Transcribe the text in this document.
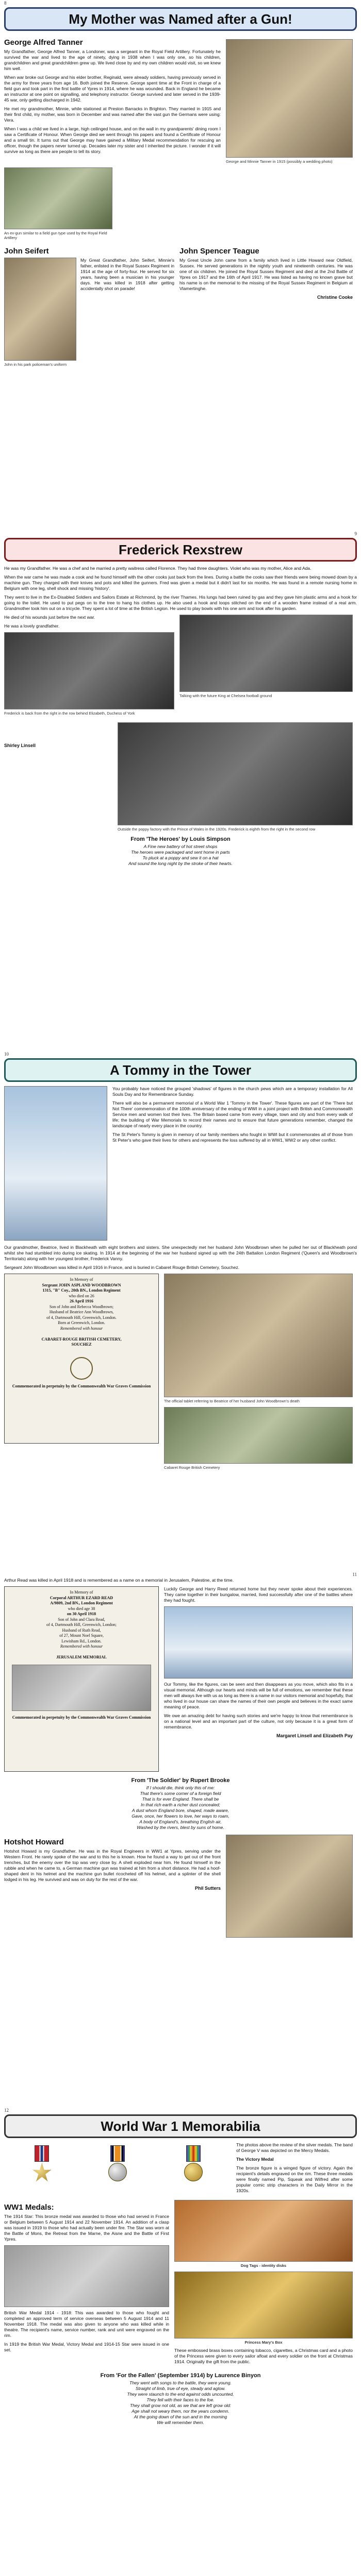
8
My Mother was Named after a Gun!
George Alfred Tanner

My Grandfather, George Alfred Tanner, a Londoner, was a sergeant in the Royal Field Artillery. Fortunately he survived the war and lived to the age of ninety, dying in 1938 when I was only one, so his children, grandchildren and great grandchildren grew up. We lived close by and my own children would visit, so we knew him well.

When war broke out George and his elder brother, Reginald, were already soldiers, having previously served in the army for three years from age 16. Both joined the Reserve. George spent time at the Front in charge of a field gun and took part in the first battle of Ypres in 1914, where he was wounded. Back in England he became an instructor at one point on signalling, and telephony instructor. George survived and later served in the 1939-45 war, only getting discharged in 1942.

He met my grandmother, Minnie, while stationed at Preston Barracks in Brighton. They married in 1915 and their first child, my mother, was born in December and was named after the vast gun the Germans were using: Vera.

When I was a child we lived in a large, high ceilinged house, and on the wall in my grandparents' dining room I saw a Certificate of Honour. When George died we went through his papers and found a Certificate of Honour and a small tin. It turns out that George may have gained a Military Medal recommendation for rescuing an officer, though the papers never turned up. Decades later my sister and I inherited the picture. I wonder if it will survive as long as there are people to tell its story.

George and Minnie Tanner in 1915 (possibly a wedding photo)
An ex-gun similar to a field gun type used by the Royal Field Artillery
John Seifert

My Great Grandfather, John Seifert, Minnie's father, enlisted in the Royal Sussex Regiment in 1914 at the age of forty-four. He served for six years, having been a musician in his younger days. He was killed in 1918 after getting accidentally shot on parade!

John in his park policeman's uniform
John Spencer Teague

My Great Uncle John came from a family which lived in Little Howard near Oldfield, Sussex. He served generations in the nightly youth and nineteenth centuries. He was one of six children. He joined the Royal Sussex Regiment and died at the 2nd Battle of Ypres on 1917 and the 16th of April 1917. He was listed as having no known grave but his name is on the memorial to the missing of the Royal Sussex Regiment in Belgium at Vlamertinghe.

Christine Cooke
9
Frederick Rexstrew

He was my Grandfather. He was a chef and he married a pretty waitress called Florence. They had three daughters. Violet who was my mother, Alice and Ada.

When the war came he was made a cook and he found himself with the other cooks just back from the lines. During a battle the cooks saw their friends were being mowed down by a machine gun. They charged with their knives and pots and killed the gunners. Fred was given a medal but it didn't last for six months. He was found in a remote nursing home in Belgium with one leg, shell shock and missing 'history'.

They went to live in the Ex-Disabled Soldiers and Sailors Estate at Richmond, by the river Thames. His lungs had been ruined by gas and they gave him plastic arms and a hook for going to the toilet. He used to put pegs on to the tree to hang his clothes up. He also used a hook and loops stitched on the end of a wooden frame instead of a real arm. Grandmother took him out on a tricycle. They spent a lot of time at the British Legion. He used to play bowls with his one arm and look after his garden.

He died of his wounds just before the next war.

He was a lovely grandfather.

Frederick is back from the right in the row behind Elizabeth, Duchess of York
Talking with the future King at Chelsea football ground
Shirley Linsell
Outside the poppy factory with the Prince of Wales in the 1920s. Frederick is eighth from the right in the second row
From 'The Heroes' by Louis Simpson
A Fine new battery of hot street shops
The heroes were packaged and sent home in parts
To pluck at a poppy and sew it on a hat
And sound the long night by the stroke of their hearts.
10
A Tommy in the Tower

You probably have noticed the grouped 'shadows' of figures in the church pews which are a temporary installation for All Souls Day and for Remembrance Sunday.

There will also be a permanent memorial of a World War 1 'Tommy in the Tower'. These figures are part of the 'There but Not There' commemoration of the 100th anniversary of the ending of WWI in a joint project with British and Commonwealth Service men and women lost their lives. The Britain based came from every village, town and city and from every walk of life; the building of War Memorials to record their names and to ensure that future generations remember, changed the landscape of nearly every place in the country.

The St Peter's Tommy is given in memory of our family members who fought in WWI but it commemorates all of those from St Peter's who gave their lives for others and represents the loss suffered by all in WW1, WW2 or any other conflict.

Our grandmother, Beatrice, lived in Blackheath with eight brothers and sisters. She unexpectedly met her husband John Woodbrown when he pulled her out of Blackheath pond whilst she had stumbled into during ice skating. In 1914 at the beginning of the war her husband signed up with the 24th Battalion London Regiment ('Queen's and Woodbrown's Territorials) along with her youngest brother, Frederick Vanny.

Sergeant John Woodbrown was killed in April 1916 in France, and is buried in Cabaret Rouge British Cemetery, Souchez.

In Memory of

Sergeant JOHN ASPLAND WOODBROWN
1315, "B" Coy., 20th BN., London Regiment
who died on 26

26 April 1916
Son of John and Rebecca Woodbrown;
Husband of Beatrice Ann Woodbrown,
of 4, Dartmouth Hill, Greenwich, London.
Born at Greenwich, London.
Remembered with honour

CABARET-ROUGE BRITISH CEMETERY,
SOUCHEZ

Commemorated in perpetuity by the Commonwealth War Graves Commission
The official tablet referring to Beatrice of her husband John Woodbrown's death
Cabaret Rouge British Cemetery
11

Arthur Read was killed in April 1918 and is remembered as a name on a memorial in Jerusalem, Palestine, at the time.

In Memory of

Corporal ARTHUR EZARD READ
A/9809, 2nd BN., London Regiment
who died age 38

on 30 April 1918
Son of John and Clara Read,
of 4, Dartmouth Hill, Greenwich, London;
Husband of Ruth Read,
of 27, Mount Noel Square,
Lewisham Rd., London.
Remembered with honour

JERUSALEM MEMORIAL
Commemorated in perpetuity by the Commonwealth War Graves Commission

Luckily George and Harry Reed returned home but they never spoke about their experiences. They came together in their bungalow, married, lived successfully after one of the battles where they had fought.

Our Tommy, like the figures, can be seen and then disappears as you move, which also fits in a visual memorial. Although our hearts and minds will be full of emotions, we remember that these men will always live with us as long as there is a name in our visitors memorial and hopefully, that who lived in our house can share the names of their own people and believes in the exact same meaning of peace.

We owe an amazing debt for having such stories and we're happy to know that remembrance is on a national level and an important part of the culture, not only because it is a great form of remembrance.

Margaret Linsell and Elizabeth Pay
From 'The Soldier' by Rupert Brooke
If I should die, think only this of me:
That there's some corner of a foreign field
That is for ever England. There shall be
In that rich earth a richer dust concealed;
A dust whom England bore, shaped, made aware,
Gave, once, her flowers to love, her ways to roam,
A body of England's, breathing English air,
Washed by the rivers, blest by suns of home.
Hotshot Howard

Hotshot Howard is my Grandfather. He was in the Royal Engineers in WW1 at Ypres, serving under the Western Front. He rarely spoke of the war and to this he is known. How he found a way to get out of the front trenches, but the enemy over the top was very close by. A shell exploded near him. He found himself in the rubble and when he came to, a German machine gun was trained at him from a short distance. He had a hoof-shaped dent in his helmet and the machine gun bullet ricocheted off his helmet, and a splinter of the shell lodged in his leg. He survived and was on duty for the rest of the war.

Phil Sutters
12
World War 1 Memorabilia

The photos above the review of the silver medals. The band of George V was depicted on the Mercy Medals.

The Victory Medal

The bronze figure is a winged figure of victory. Again the recipient's details engraved on the rim. These three medals were finally named Pip, Squeak and Wilfred after some popular comic strip characters in the Daily Mirror in the 1920s.

WW1 Medals:

The 1914 Star: This bronze medal was awarded to those who had served in France or Belgium between 5 August 1914 and 22 November 1914. An addition of a clasp was issued in 1919 to those who had actually been under fire. The Star was worn at the Battle of Mons, the Retreat from the Marne, the Aisne and the Battle of First Ypres.

British War Medal 1914 - 1918: This was awarded to those who fought and completed an approved term of service overseas between 5 August 1914 and 11 November 1918. The medal was also given to anyone who was killed while in theatre. The recipient's name, service number, rank and unit were engraved on the rim.

In 1919 the British War Medal, Victory Medal and 1914-15 Star were issued in one set.

Dog Tags - identity disks
Princess Mary's Box

These embossed brass boxes containing tobacco, cigarettes, a Christmas card and a photo of the Princess were given to every sailor afloat and every soldier on the front at Christmas 1914. Originally the gift from the public.

From 'For the Fallen' (September 1914) by Laurence Binyon
They went with songs to the battle, they were young.
Straight of limb, true of eye, steady and aglow.
They were staunch to the end against odds uncounted,
They fell with their faces to the foe.
They shall grow not old, as we that are left grow old:
Age shall not weary them, nor the years condemn.
At the going down of the sun and in the morning
We will remember them.
